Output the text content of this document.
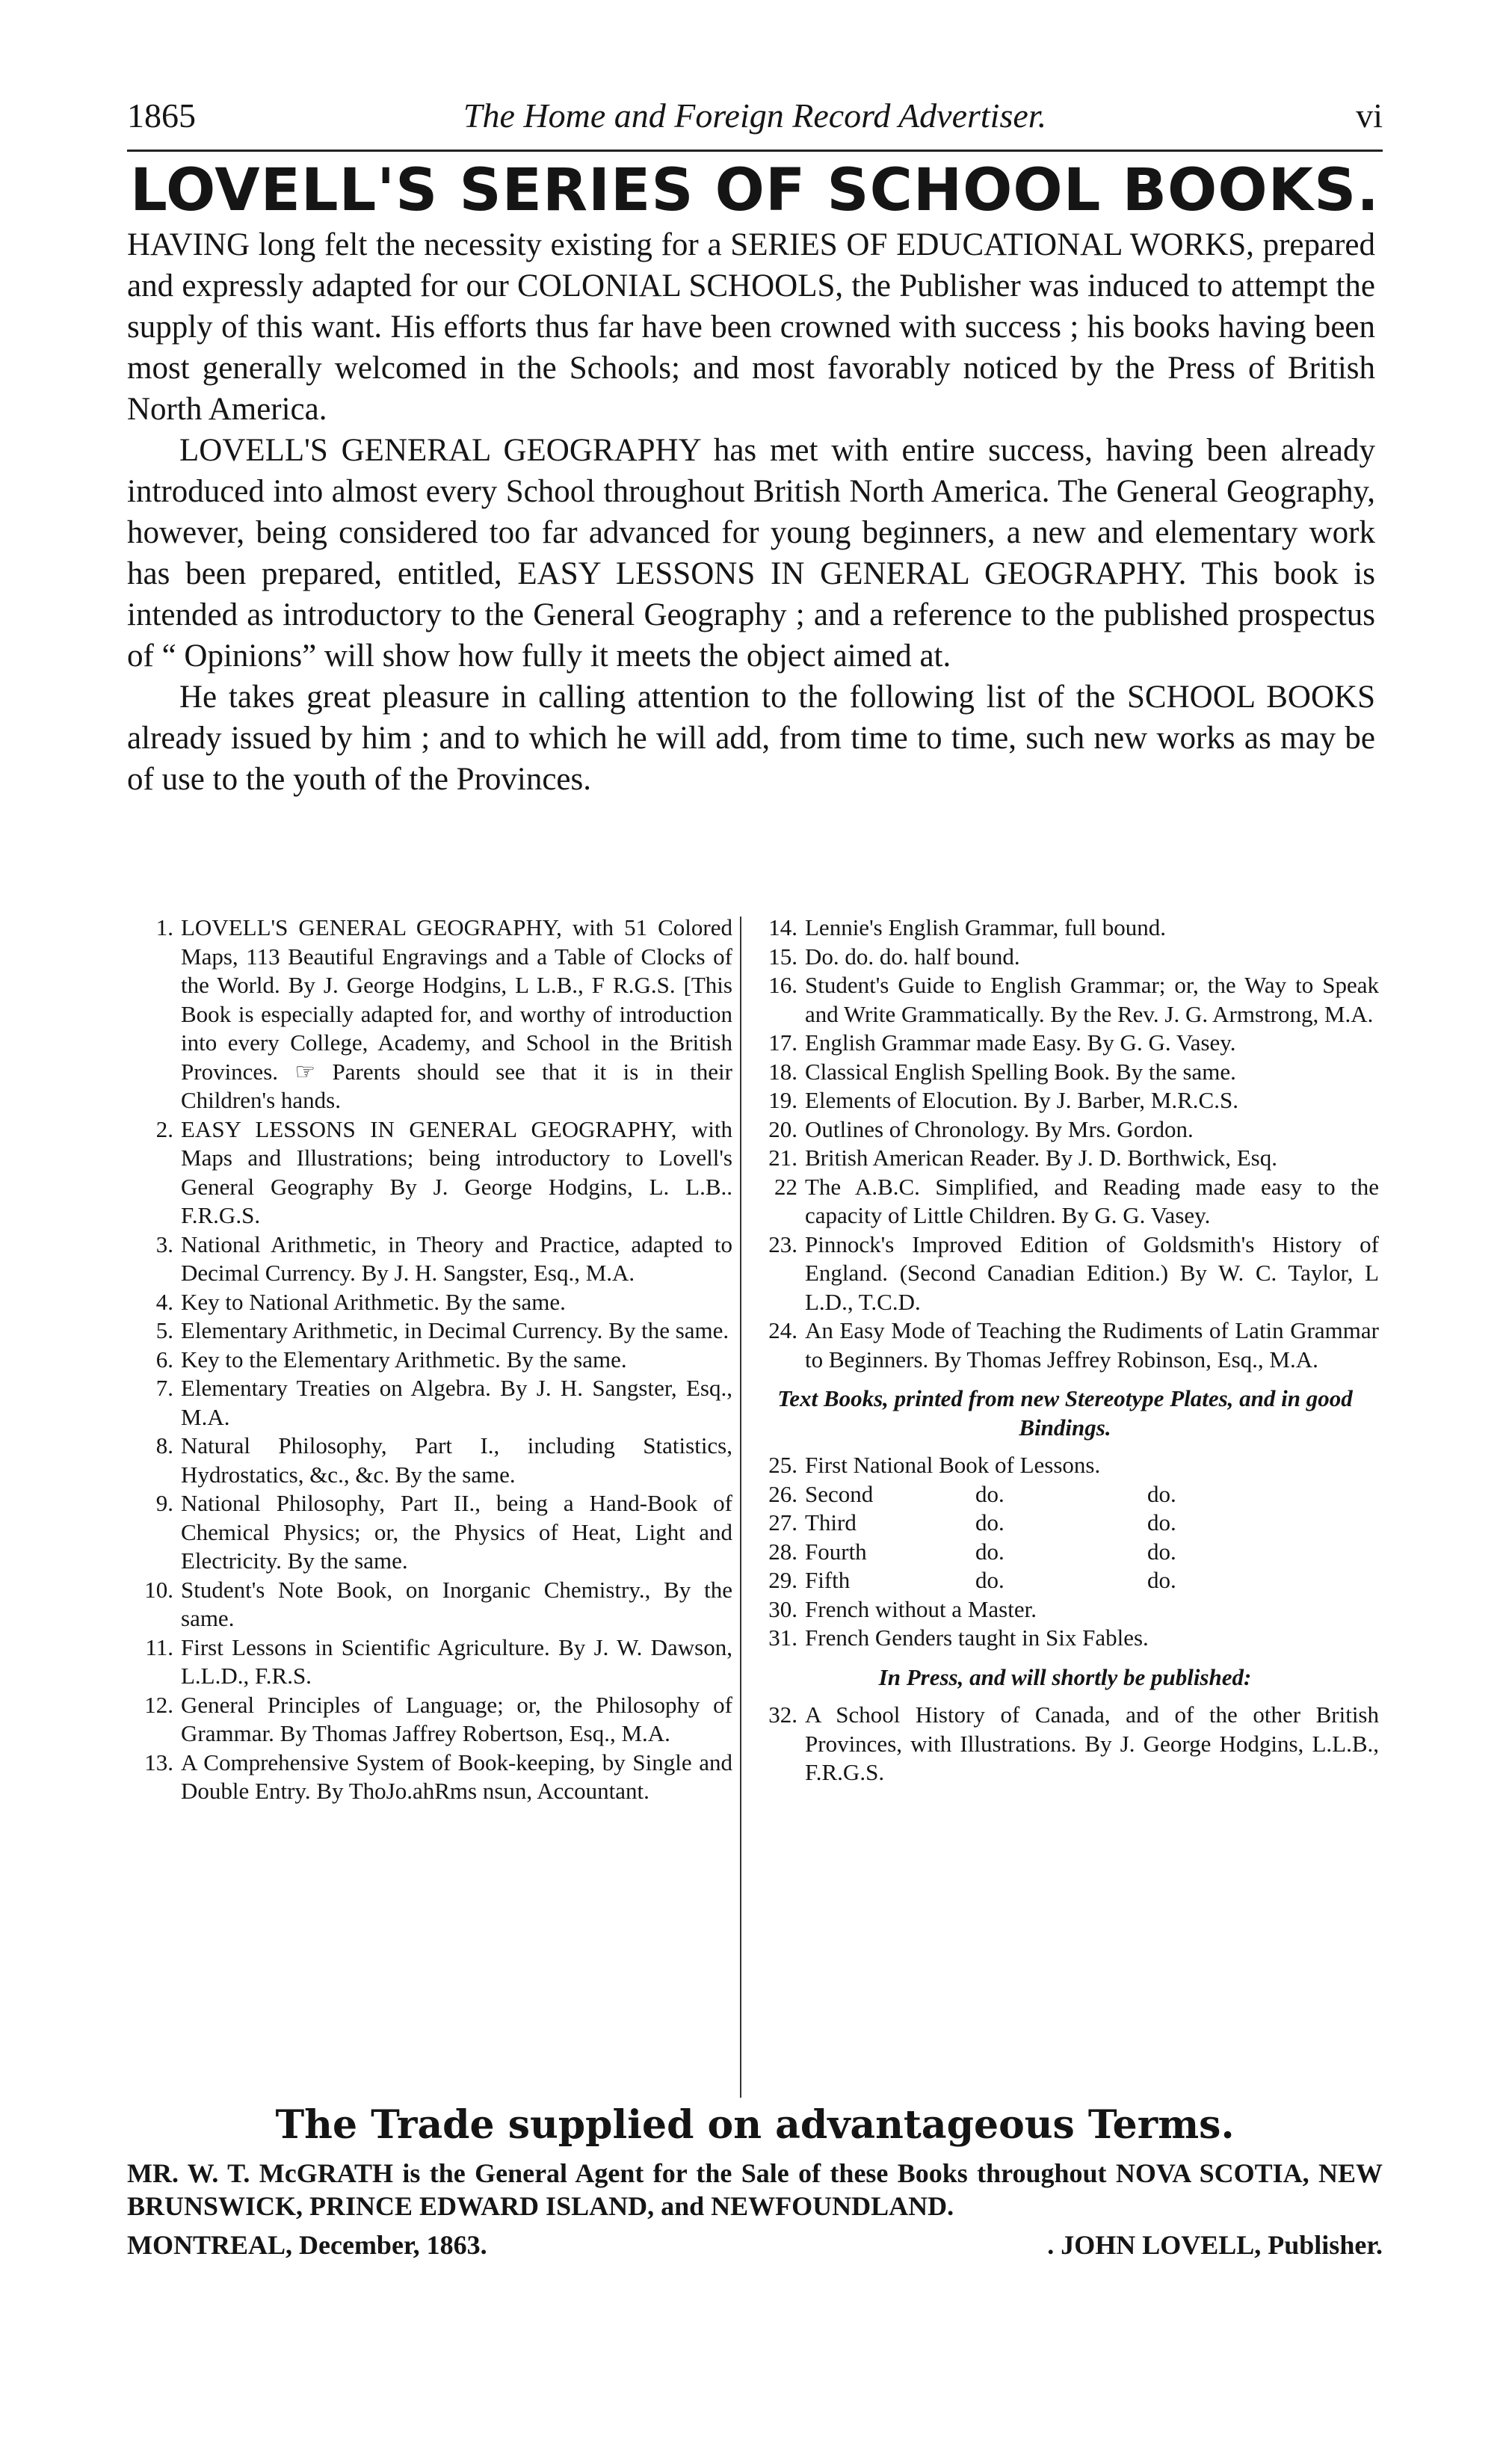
1865	The Home and Foreign Record Advertiser.	vi
LOVELL'S SERIES OF SCHOOL BOOKS.

HAVING long felt the necessity existing for a SERIES OF EDUCATIONAL WORKS, prepared and expressly adapted for our COLONIAL SCHOOLS, the Publisher was induced to attempt the supply of this want. His efforts thus far have been crowned with success ; his books having been most generally welcomed in the Schools; and most favorably noticed by the Press of British North America.

LOVELL'S GENERAL GEOGRAPHY has met with entire success, having been already introduced into almost every School throughout British North America. The General Geography, however, being considered too far advanced for young beginners, a new and elementary work has been prepared, entitled, EASY LESSONS IN GENERAL GEOGRAPHY. This book is intended as introductory to the General Geography ; and a reference to the published prospectus of “ Opinions” will show how fully it meets the object aimed at.

He takes great pleasure in calling attention to the following list of the SCHOOL BOOKS already issued by him ; and to which he will add, from time to time, such new works as may be of use to the youth of the Provinces.

1. LOVELL'S GENERAL GEOGRAPHY, with 51 Colored Maps, 113 Beautiful Engravings and a Table of Clocks of the World. By J. George Hodgins, L L.B., F R.G.S. [This Book is especially adapted for, and worthy of introduction into every College, Academy, and School in the British Provinces. ☞ Parents should see that it is in their Children's hands.
2. EASY LESSONS IN GENERAL GEOGRAPHY, with Maps and Illustrations; being introductory to Lovell's General Geography By J. George Hodgins, L. L.B.. F.R.G.S.
3. National Arithmetic, in Theory and Practice, adapted to Decimal Currency. By J. H. Sangster, Esq., M.A.
4. Key to National Arithmetic. By the same.
5. Elementary Arithmetic, in Decimal Currency. By the same.
6. Key to the Elementary Arithmetic. By the same.
7. Elementary Treaties on Algebra. By J. H. Sangster, Esq., M.A.
8. Natural Philosophy, Part I., including Statistics, Hydrostatics, &c., &c. By the same.
9. National Philosophy, Part II., being a Hand-Book of Chemical Physics; or, the Physics of Heat, Light and Electricity. By the same.
10. Student's Note Book, on Inorganic Chemistry., By the same.
11. First Lessons in Scientific Agriculture. By J. W. Dawson, L.L.D., F.R.S.
12. General Principles of Language; or, the Philosophy of Grammar. By Thomas Jaffrey Robertson, Esq., M.A.
13. A Comprehensive System of Book-keeping, by Single and Double Entry. By ThoJo.ahRms nsun, Accountant.
14. Lennie's English Grammar, full bound.
15. Do. do. do. half bound.
16. Student's Guide to English Grammar; or, the Way to Speak and Write Grammatically. By the Rev. J. G. Armstrong, M.A.
17. English Grammar made Easy. By G. G. Vasey.
18. Classical English Spelling Book. By the same.
19. Elements of Elocution. By J. Barber, M.R.C.S.
20. Outlines of Chronology. By Mrs. Gordon.
21. British American Reader. By J. D. Borthwick, Esq.
22 The A.B.C. Simplified, and Reading made easy to the capacity of Little Children. By G. G. Vasey.
23. Pinnock's Improved Edition of Goldsmith's History of England. (Second Canadian Edition.) By W. C. Taylor, L L.D., T.C.D.
24. An Easy Mode of Teaching the Rudiments of Latin Grammar to Beginners. By Thomas Jeffrey Robinson, Esq., M.A.
Text Books, printed from new Stereotype Plates, and in good Bindings.
25. First National Book of Lessons.
26. Second	do.	do.
27. Third	do.	do.
28. Fourth	do.	do.
29. Fifth	do.	do.
30. French without a Master.
31. French Genders taught in Six Fables.
In Press, and will shortly be published:
32. A School History of Canada, and of the other British Provinces, with Illustrations. By J. George Hodgins, L.L.B., F.R.G.S.
The Trade supplied on advantageous Terms.
MR. W. T. McGRATH is the General Agent for the Sale of these Books throughout NOVA SCOTIA, NEW BRUNSWICK, PRINCE EDWARD ISLAND, and NEWFOUNDLAND.
MONTREAL, December, 1863.	. JOHN LOVELL, Publisher.
